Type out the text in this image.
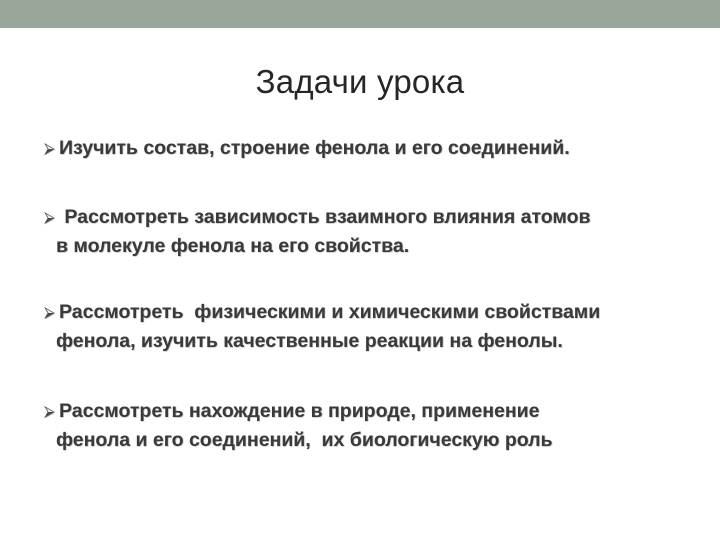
Задачи урока
⮚ Изучить состав, строение фенола и его соединений.
⮚ Рассмотреть зависимость взаимного влияния атомов
в молекуле фенола на его свойства.
⮚ Рассмотреть  физическими и химическими свойствами
фенола, изучить качественные реакции на фенолы.
⮚ Рассмотреть нахождение в природе, применение
фенола и его соединений,  их биологическую роль
